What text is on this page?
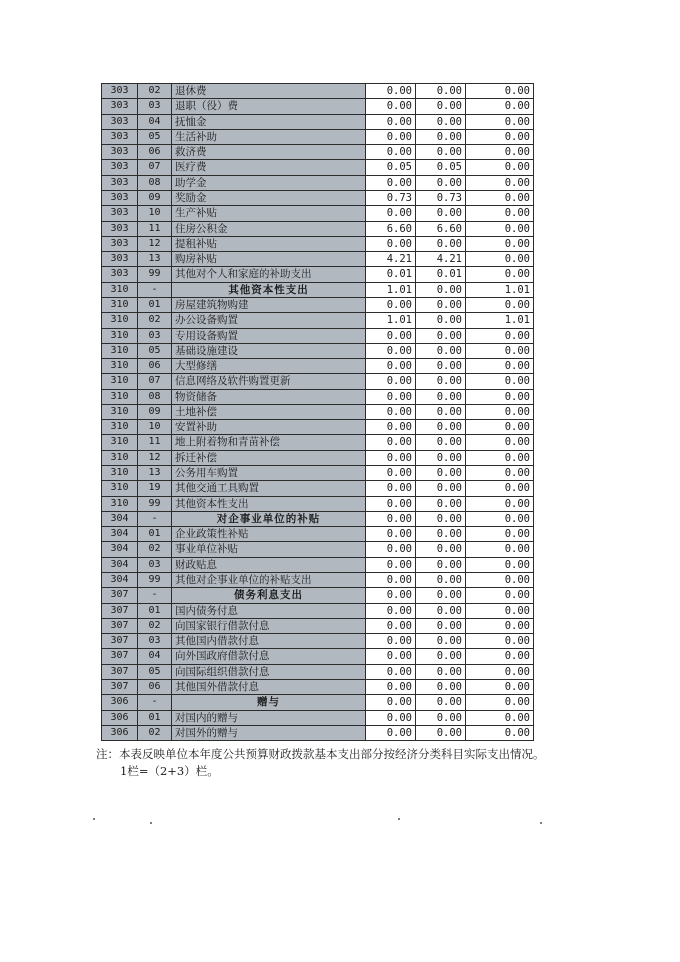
303	02	退休费	0.00	0.00	0.00
303	03	退职（役）费	0.00	0.00	0.00
303	04	抚恤金	0.00	0.00	0.00
303	05	生活补助	0.00	0.00	0.00
303	06	救济费	0.00	0.00	0.00
303	07	医疗费	0.05	0.05	0.00
303	08	助学金	0.00	0.00	0.00
303	09	奖励金	0.73	0.73	0.00
303	10	生产补贴	0.00	0.00	0.00
303	11	住房公积金	6.60	6.60	0.00
303	12	提租补贴	0.00	0.00	0.00
303	13	购房补贴	4.21	4.21	0.00
303	99	其他对个人和家庭的补助支出	0.01	0.01	0.00
310	-	其他资本性支出	1.01	0.00	1.01
310	01	房屋建筑物购建	0.00	0.00	0.00
310	02	办公设备购置	1.01	0.00	1.01
310	03	专用设备购置	0.00	0.00	0.00
310	05	基础设施建设	0.00	0.00	0.00
310	06	大型修缮	0.00	0.00	0.00
310	07	信息网络及软件购置更新	0.00	0.00	0.00
310	08	物资储备	0.00	0.00	0.00
310	09	土地补偿	0.00	0.00	0.00
310	10	安置补助	0.00	0.00	0.00
310	11	地上附着物和青苗补偿	0.00	0.00	0.00
310	12	拆迁补偿	0.00	0.00	0.00
310	13	公务用车购置	0.00	0.00	0.00
310	19	其他交通工具购置	0.00	0.00	0.00
310	99	其他资本性支出	0.00	0.00	0.00
304	-	对企事业单位的补贴	0.00	0.00	0.00
304	01	企业政策性补贴	0.00	0.00	0.00
304	02	事业单位补贴	0.00	0.00	0.00
304	03	财政贴息	0.00	0.00	0.00
304	99	其他对企事业单位的补贴支出	0.00	0.00	0.00
307	-	债务利息支出	0.00	0.00	0.00
307	01	国内债务付息	0.00	0.00	0.00
307	02	向国家银行借款付息	0.00	0.00	0.00
307	03	其他国内借款付息	0.00	0.00	0.00
307	04	向外国政府借款付息	0.00	0.00	0.00
307	05	向国际组织借款付息	0.00	0.00	0.00
307	06	其他国外借款付息	0.00	0.00	0.00
306	-	赠与	0.00	0.00	0.00
306	01	对国内的赠与	0.00	0.00	0.00
306	02	对国外的赠与	0.00	0.00	0.00
注：本表反映单位本年度公共预算财政拨款基本支出部分按经济分类科目实际支出情况。
1栏=（2+3）栏。
